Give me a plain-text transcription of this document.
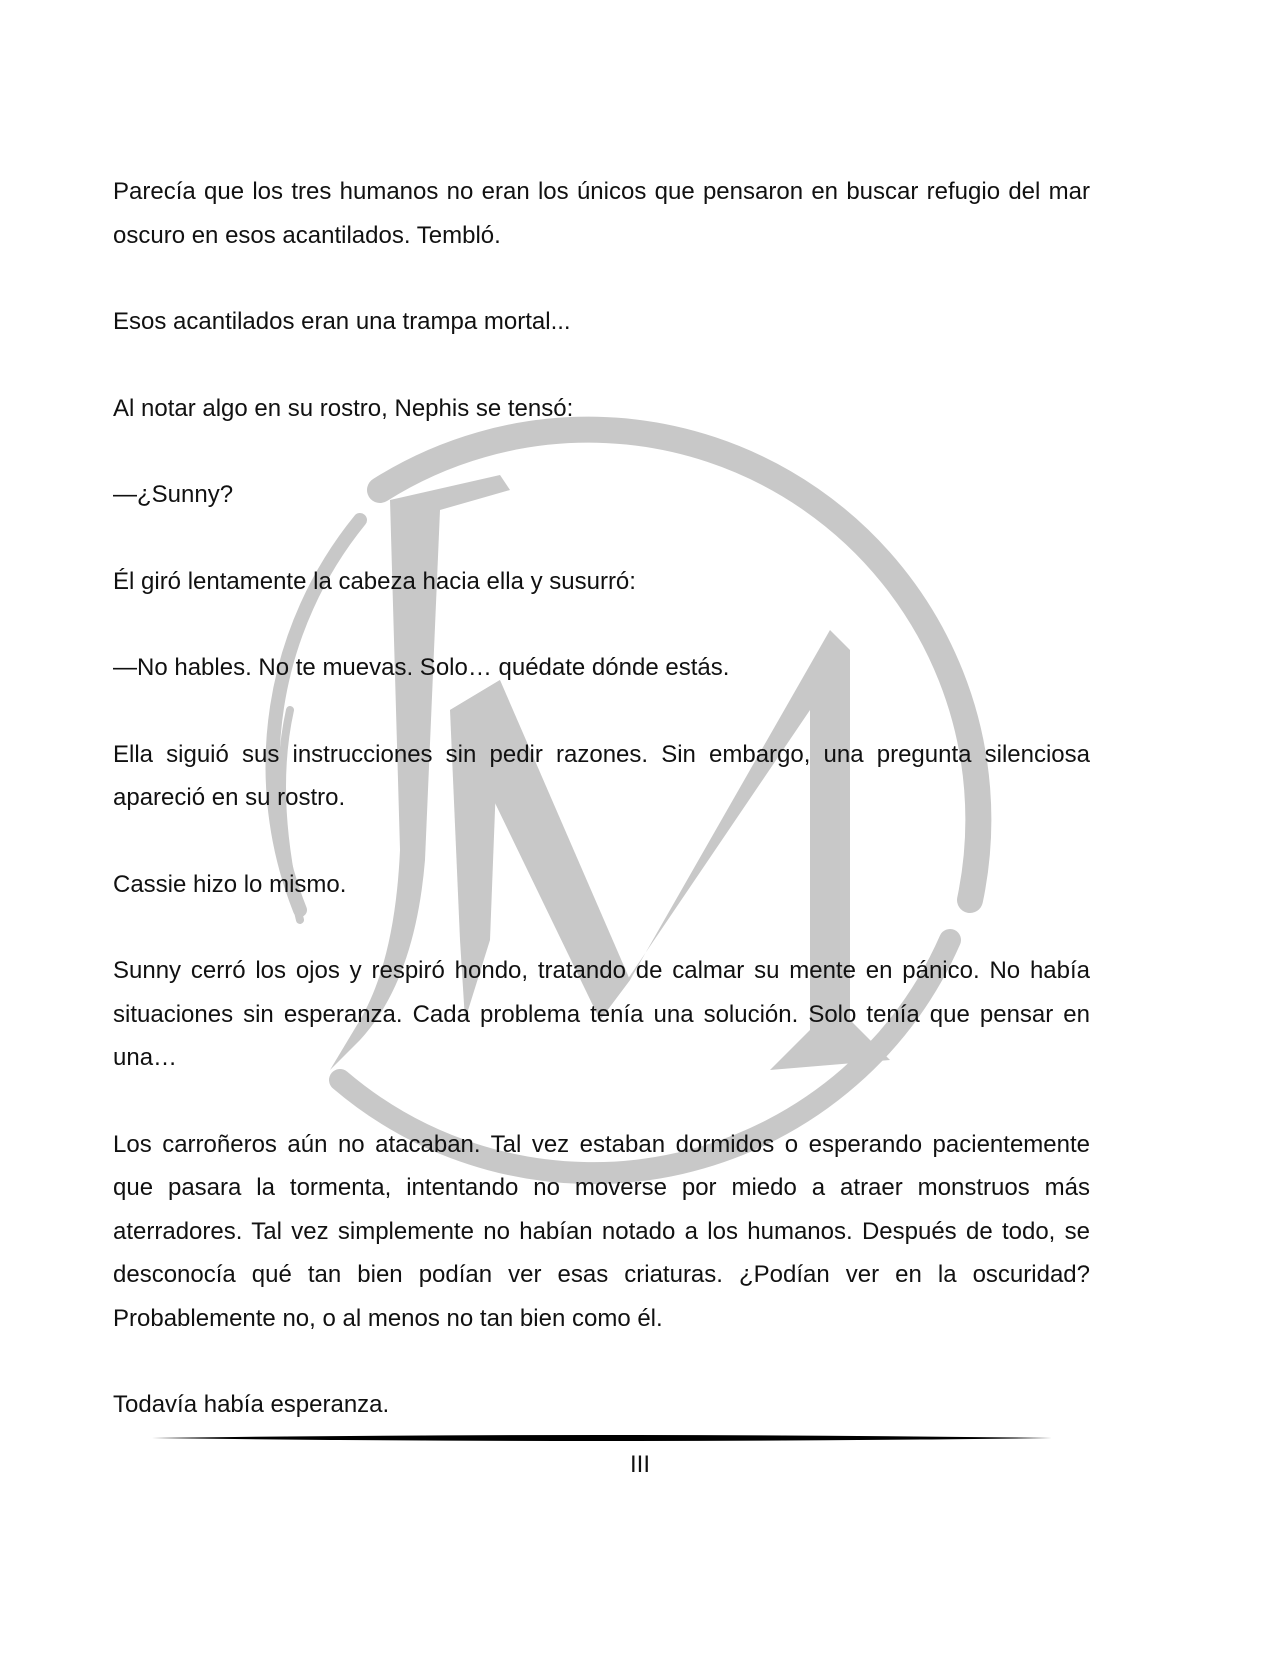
Parecía que los tres humanos no eran los únicos que pensaron en buscar refugio del mar oscuro en esos acantilados. Tembló.

Esos acantilados eran una trampa mortal...

Al notar algo en su rostro, Nephis se tensó:

—¿Sunny?

Él giró lentamente la cabeza hacia ella y susurró:

—No hables. No te muevas. Solo… quédate dónde estás.

Ella siguió sus instrucciones sin pedir razones. Sin embargo, una pregunta silenciosa apareció en su rostro.

Cassie hizo lo mismo.

Sunny cerró los ojos y respiró hondo, tratando de calmar su mente en pánico. No había situaciones sin esperanza. Cada problema tenía una solución. Solo tenía que pensar en una…

Los carroñeros aún no atacaban. Tal vez estaban dormidos o esperando pacientemente que pasara la tormenta, intentando no moverse por miedo a atraer monstruos más aterradores. Tal vez simplemente no habían notado a los humanos. Después de todo, se desconocía qué tan bien podían ver esas criaturas. ¿Podían ver en la oscuridad? Probablemente no, o al menos no tan bien como él.

Todavía había esperanza.

III
